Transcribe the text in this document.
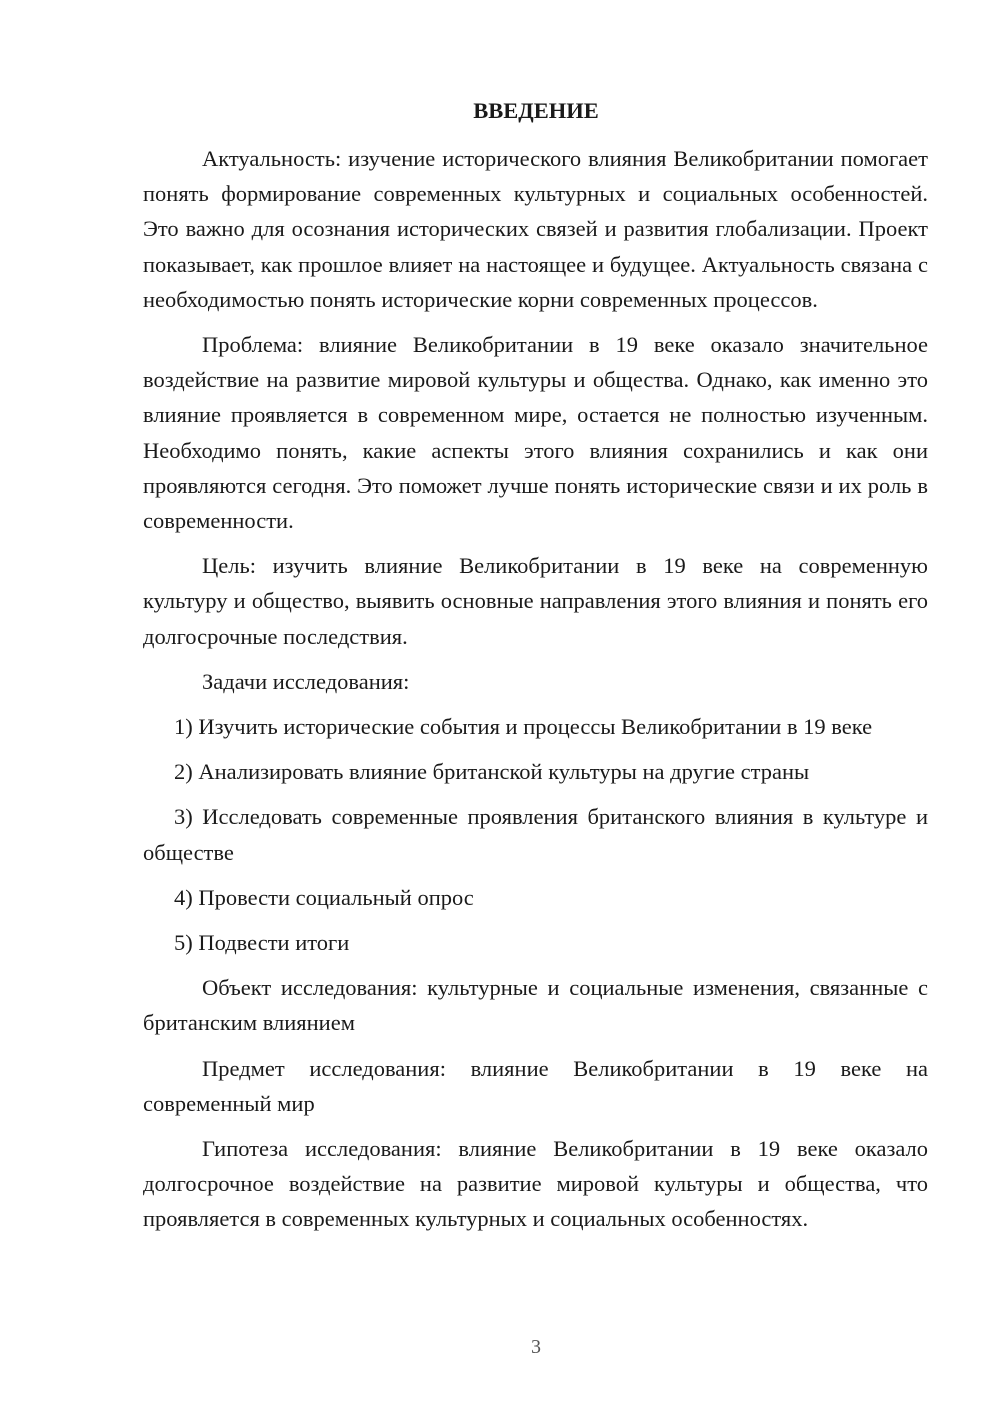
ВВЕДЕНИЕ

Актуальность: изучение исторического влияния Великобритании помогает понять формирование современных культурных и социальных особенностей. Это важно для осознания исторических связей и развития глобализации. Проект показывает, как прошлое влияет на настоящее и будущее. Актуальность связана с необходимостью понять исторические корни современных процессов.

Проблема: влияние Великобритании в 19 веке оказало значительное воздействие на развитие мировой культуры и общества. Однако, как именно это влияние проявляется в современном мире, остается не полностью изученным. Необходимо понять, какие аспекты этого влияния сохранились и как они проявляются сегодня. Это поможет лучше понять исторические связи и их роль в современности.

Цель: изучить влияние Великобритании в 19 веке на современную культуру и общество, выявить основные направления этого влияния и понять его долгосрочные последствия.

Задачи исследования:

1) Изучить исторические события и процессы Великобритании в 19 веке

2) Анализировать влияние британской культуры на другие страны

3) Исследовать современные проявления британского влияния в культуре и обществе

4) Провести социальный опрос

5) Подвести итоги

Объект исследования: культурные и социальные изменения, связанные с британским влиянием

Предмет исследования: влияние Великобритании в 19 веке на современный мир

Гипотеза исследования: влияние Великобритании в 19 веке оказало долгосрочное воздействие на развитие мировой культуры и общества, что проявляется в современных культурных и социальных особенностях.

3
